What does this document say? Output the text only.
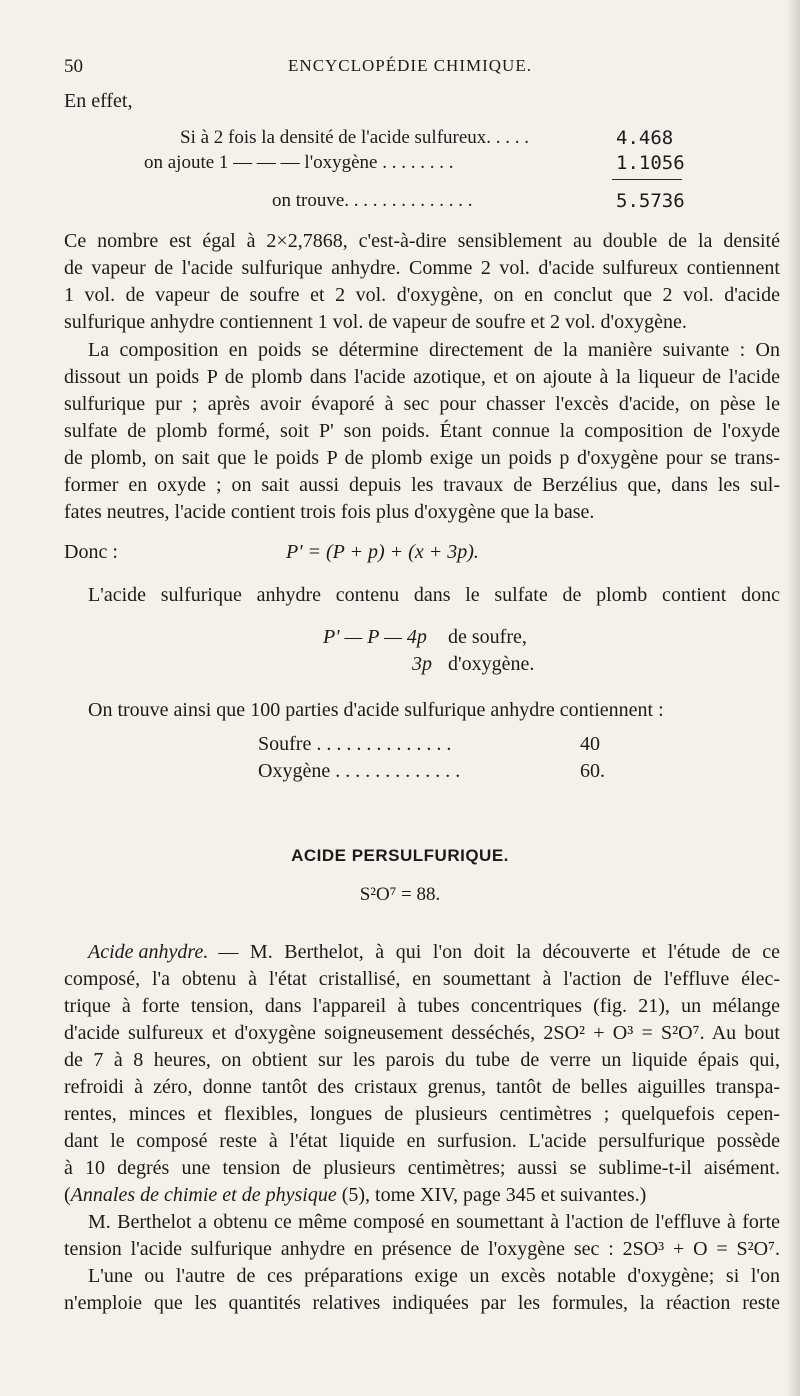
50	ENCYCLOPÉDIE CHIMIQUE.
En effet,
Si à 2 fois la densité de l'acide sulfureux. . . . .	4.468
on ajoute 1 — — — l'oxygène . . . . . . . .	1.1056
on trouve. . . . . . . . . . . . . .	5.5736
Ce nombre est égal à 2×2,7868, c'est-à-dire sensiblement au double de la densité
de vapeur de l'acide sulfurique anhydre. Comme 2 vol. d'acide sulfureux contiennent
1 vol. de vapeur de soufre et 2 vol. d'oxygène, on en conclut que 2 vol. d'acide
sulfurique anhydre contiennent 1 vol. de vapeur de soufre et 2 vol. d'oxygène.
La composition en poids se détermine directement de la manière suivante : On
dissout un poids P de plomb dans l'acide azotique, et on ajoute à la liqueur de l'acide
sulfurique pur ; après avoir évaporé à sec pour chasser l'excès d'acide, on pèse le
sulfate de plomb formé, soit P' son poids. Étant connue la composition de l'oxyde
de plomb, on sait que le poids P de plomb exige un poids p d'oxygène pour se trans-
former en oxyde ; on sait aussi depuis les travaux de Berzélius que, dans les sul-
fates neutres, l'acide contient trois fois plus d'oxygène que la base.
Donc :	P' = (P + p) + (x + 3p).
L'acide sulfurique anhydre contenu dans le sulfate de plomb contient donc
P' — P — 4p de soufre,
3p d'oxygène.
On trouve ainsi que 100 parties d'acide sulfurique anhydre contiennent :
Soufre . . . . . . . . . . . . . .	40
Oxygène . . . . . . . . . . . . .	60.
ACIDE PERSULFURIQUE.
S²O⁷ = 88.
Acide anhydre. — M. Berthelot, à qui l'on doit la découverte et l'étude de ce
composé, l'a obtenu à l'état cristallisé, en soumettant à l'action de l'effluve élec-
trique à forte tension, dans l'appareil à tubes concentriques (fig. 21), un mélange
d'acide sulfureux et d'oxygène soigneusement desséchés, 2SO² + O³ = S²O⁷. Au bout
de 7 à 8 heures, on obtient sur les parois du tube de verre un liquide épais qui,
refroidi à zéro, donne tantôt des cristaux grenus, tantôt de belles aiguilles transpa-
rentes, minces et flexibles, longues de plusieurs centimètres ; quelquefois cepen-
dant le composé reste à l'état liquide en surfusion. L'acide persulfurique possède
à 10 degrés une tension de plusieurs centimètres; aussi se sublime-t-il aisément.
(Annales de chimie et de physique (5), tome XIV, page 345 et suivantes.)
M. Berthelot a obtenu ce même composé en soumettant à l'action de l'effluve à forte
tension l'acide sulfurique anhydre en présence de l'oxygène sec : 2SO³ + O = S²O⁷.
L'une ou l'autre de ces préparations exige un excès notable d'oxygène; si l'on
n'emploie que les quantités relatives indiquées par les formules, la réaction reste
